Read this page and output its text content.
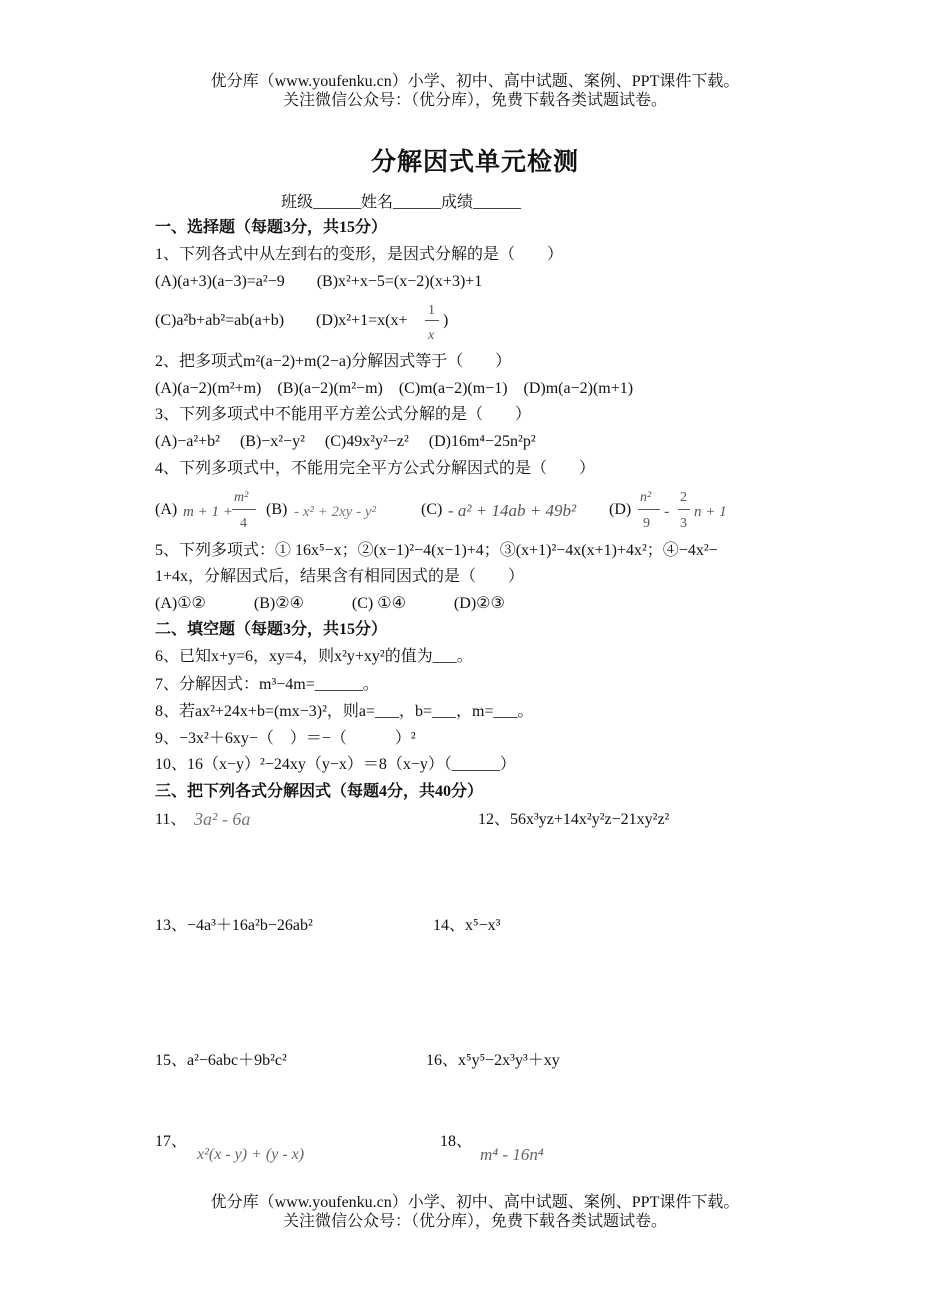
优分库（www.youfenku.cn）小学、初中、高中试题、案例、PPT课件下载。
关注微信公众号：（优分库），免费下载各类试题试卷。
分解因式单元检测
班级______姓名______成绩______
一、选择题（每题3分，共15分）
1、下列各式中从左到右的变形，是因式分解的是（　　）
(A)(a+3)(a−3)=a²−9　　(B)x²+x−5=(x−2)(x+3)+1
(C)a²b+ab²=ab(a+b)　　(D)x²+1=x(x+
1
x
)
2、把多项式m²(a−2)+m(2−a)分解因式等于（　　）
(A)(a−2)(m²+m)　(B)(a−2)(m²−m)　(C)m(a−2)(m−1)　(D)m(a−2)(m+1)
3、下列多项式中不能用平方差公式分解的是（　　）
(A)−a²+b²　 (B)−x²−y²　 (C)49x²y²−z²　 (D)16m⁴−25n²p²
4、下列多项式中，不能用完全平方公式分解因式的是（　　）
(A) m + 1 +
m²
4
(B) - x² + 2xy - y²	(C) - a² + 14ab + 49b² (D)
n²
9
-
2
3
n + 1
5、下列多项式：① 16x⁵−x；②(x−1)²−4(x−1)+4；③(x+1)²−4x(x+1)+4x²；④−4x²−
1+4x，分解因式后，结果含有相同因式的是（　　）
(A)①②　　　(B)②④　　　(C) ①④　　　(D)②③
二、填空题（每题3分，共15分）
6、已知x+y=6，xy=4，则x²y+xy²的值为___。
7、分解因式：m³−4m=______。
8、若ax²+24x+b=(mx−3)²，则a=___，b=___，m=___。
9、−3x²＋6xy−（　）＝−（　　　）²
10、16（x−y）²−24xy（y−x）＝8（x−y）（______）
三、把下列各式分解因式（每题4分，共40分）
11、 3a² - 6a	12、56x³yz+14x²y²z−21xy²z²
13、−4a³＋16a²b−26ab²	14、x⁵−x³
15、a²−6abc＋9b²c²	16、x⁵y⁵−2x³y³＋xy
17、
x²(x - y) + (y - x)
18、
m⁴ - 16n⁴
优分库（www.youfenku.cn）小学、初中、高中试题、案例、PPT课件下载。
关注微信公众号：（优分库），免费下载各类试题试卷。
